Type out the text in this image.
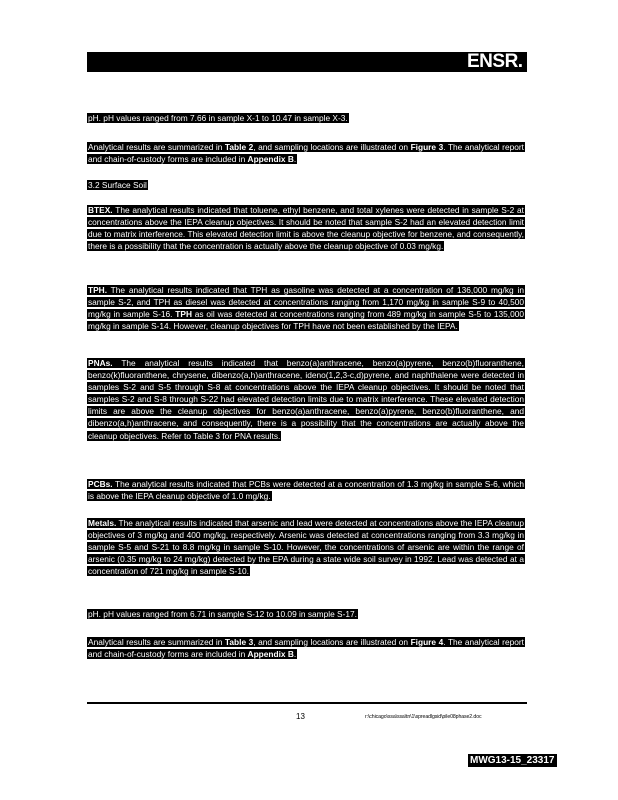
ENSR.
pH. pH values ranged from 7.66 in sample X-1 to 10.47 in sample X-3.
Analytical results are summarized in Table 2, and sampling locations are illustrated on Figure 3. The analytical report and chain-of-custody forms are included in Appendix B.
3.2 Surface Soil
BTEX. The analytical results indicated that toluene, ethyl benzene, and total xylenes were detected in sample S-2 at concentrations above the IEPA cleanup objectives. It should be noted that sample S-2 had an elevated detection limit due to matrix interference. This elevated detection limit is above the cleanup objective for benzene, and consequently, there is a possibility that the concentration is actually above the cleanup objective of 0.03 mg/kg.
TPH. The analytical results indicated that TPH as gasoline was detected at a concentration of 136,000 mg/kg in sample S-2, and TPH as diesel was detected at concentrations ranging from 1,170 mg/kg in sample S-9 to 40,500 mg/kg in sample S-16. TPH as oil was detected at concentrations ranging from 489 mg/kg in sample S-5 to 135,000 mg/kg in sample S-14. However, cleanup objectives for TPH have not been established by the IEPA.
PNAs. The analytical results indicated that benzo(a)anthracene, benzo(a)pyrene, benzo(b)fluoranthene, benzo(k)fluoranthene, chrysene, dibenzo(a,h)anthracene, ideno(1,2,3-c,d)pyrene, and naphthalene were detected in samples S-2 and S-5 through S-8 at concentrations above the IEPA cleanup objectives. It should be noted that samples S-2 and S-8 through S-22 had elevated detection limits due to matrix interference. These elevated detection limits are above the cleanup objectives for benzo(a)anthracene, benzo(a)pyrene, benzo(b)fluoranthene, and dibenzo(a,h)anthracene, and consequently, there is a possibility that the concentrations are actually above the cleanup objectives. Refer to Table 3 for PNA results.
PCBs. The analytical results indicated that PCBs were detected at a concentration of 1.3 mg/kg in sample S-6, which is above the IEPA cleanup objective of 1.0 mg/kg.
Metals. The analytical results indicated that arsenic and lead were detected at concentrations above the IEPA cleanup objectives of 3 mg/kg and 400 mg/kg, respectively. Arsenic was detected at concentrations ranging from 3.3 mg/kg in sample S-5 and S-21 to 8.8 mg/kg in sample S-10. However, the concentrations of arsenic are within the range of arsenic (0.35 mg/kg to 24 mg/kg) detected by the EPA during a state wide soil survey in 1992. Lead was detected at a concentration of 721 mg/kg in sample S-10.
pH. pH values ranged from 6.71 in sample S-12 to 10.09 in sample S-17.
Analytical results are summarized in Table 3, and sampling locations are illustrated on Figure 4. The analytical report and chain-of-custody forms are included in Appendix B.
13	r:\chicago\ssa\ssa\tn\1\spreadlgsid\pile08phase2.doc
MWG13-15_23317
